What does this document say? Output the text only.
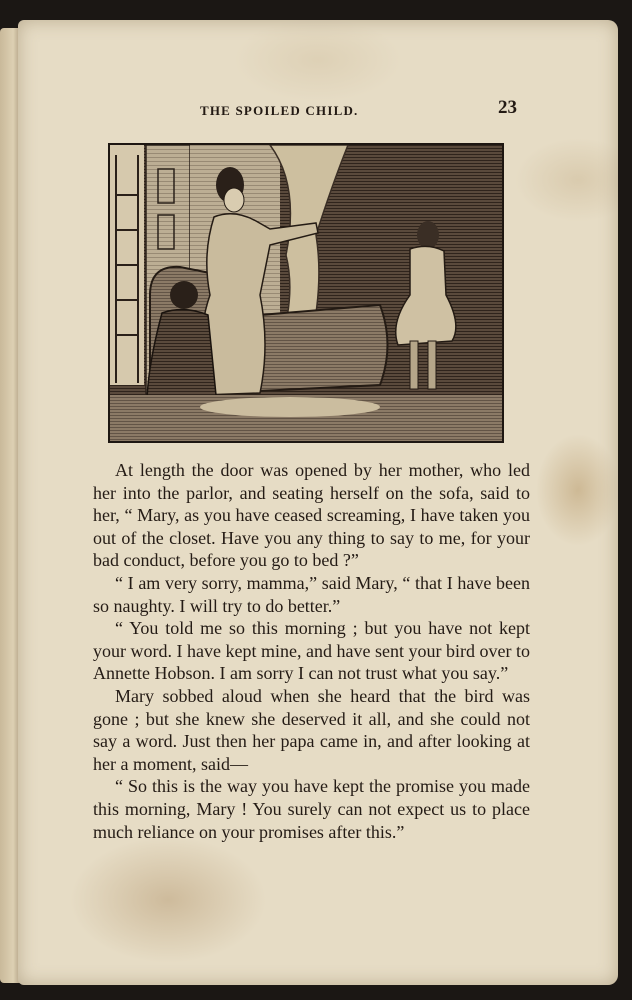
THE SPOILED CHILD.	23

At length the door was opened by her mother, who led her into the parlor, and seating herself on the sofa, said to her, “ Mary, as you have ceased screaming, I have taken you out of the closet. Have you any thing to say to me, for your bad conduct, before you go to bed ?”

“ I am very sorry, mamma,” said Mary, “ that I have been so naughty. I will try to do better.”

“ You told me so this morning ; but you have not kept your word. I have kept mine, and have sent your bird over to Annette Hobson. I am sorry I can not trust what you say.”

Mary sobbed aloud when she heard that the bird was gone ; but she knew she deserved it all, and she could not say a word. Just then her papa came in, and after looking at her a moment, said—

“ So this is the way you have kept the promise you made this morning, Mary ! You surely can not expect us to place much reliance on your promises after this.”
